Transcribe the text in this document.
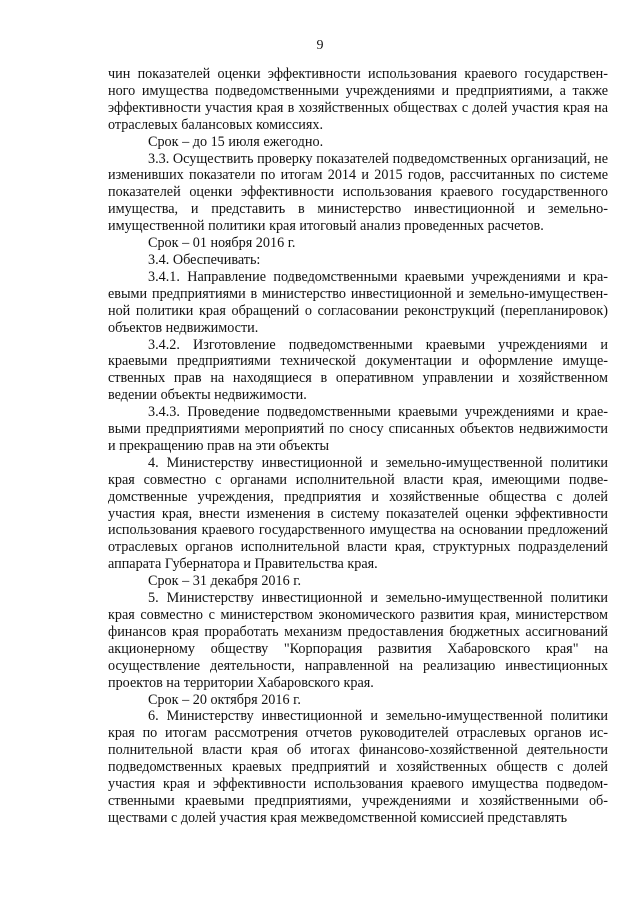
9

чин показателей оценки эффективности использования краевого государственного имущества подведомственными учреждениями и предприятиями, а также эффективности участия края в хозяйственных обществах с долей участия края на отраслевых балансовых комиссиях.

Срок – до 15 июля ежегодно.

3.3. Осуществить проверку показателей подведомственных организаций, не изменивших показатели по итогам 2014 и 2015 годов, рассчитанных по системе показателей оценки эффективности использования краевого государственного имущества, и представить в министерство инвестиционной и земельно-имущественной политики края итоговый анализ проведенных расчетов.

Срок – 01 ноября 2016 г.

3.4. Обеспечивать:

3.4.1. Направление подведомственными краевыми учреждениями и краевыми предприятиями в министерство инвестиционной и земельно-имущественной политики края обращений о согласовании реконструкций (перепланировок) объектов недвижимости.

3.4.2. Изготовление подведомственными краевыми учреждениями и краевыми предприятиями технической документации и оформление имущественных прав на находящиеся в оперативном управлении и хозяйственном ведении объекты недвижимости.

3.4.3. Проведение подведомственными краевыми учреждениями и краевыми предприятиями мероприятий по сносу списанных объектов недвижимости и прекращению прав на эти объекты

4. Министерству инвестиционной и земельно-имущественной политики края совместно с органами исполнительной власти края, имеющими подведомственные учреждения, предприятия и хозяйственные общества с долей участия края, внести изменения в систему показателей оценки эффективности использования краевого государственного имущества на основании предложений отраслевых органов исполнительной власти края, структурных подразделений аппарата Губернатора и Правительства края.

Срок – 31 декабря 2016 г.

5. Министерству инвестиционной и земельно-имущественной политики края совместно с министерством экономического развития края, министерством финансов края проработать механизм предоставления бюджетных ассигнований акционерному обществу "Корпорация развития Хабаровского края" на осуществление деятельности, направленной на реализацию инвестиционных проектов на территории Хабаровского края.

Срок – 20 октября 2016 г.

6. Министерству инвестиционной и земельно-имущественной политики края по итогам рассмотрения отчетов руководителей отраслевых органов исполнительной власти края об итогах финансово-хозяйственной деятельности подведомственных краевых предприятий и хозяйственных обществ с долей участия края и эффективности использования краевого имущества подведомственными краевыми предприятиями, учреждениями и хозяйственными обществами с долей участия края межведомственной комиссией представлять
